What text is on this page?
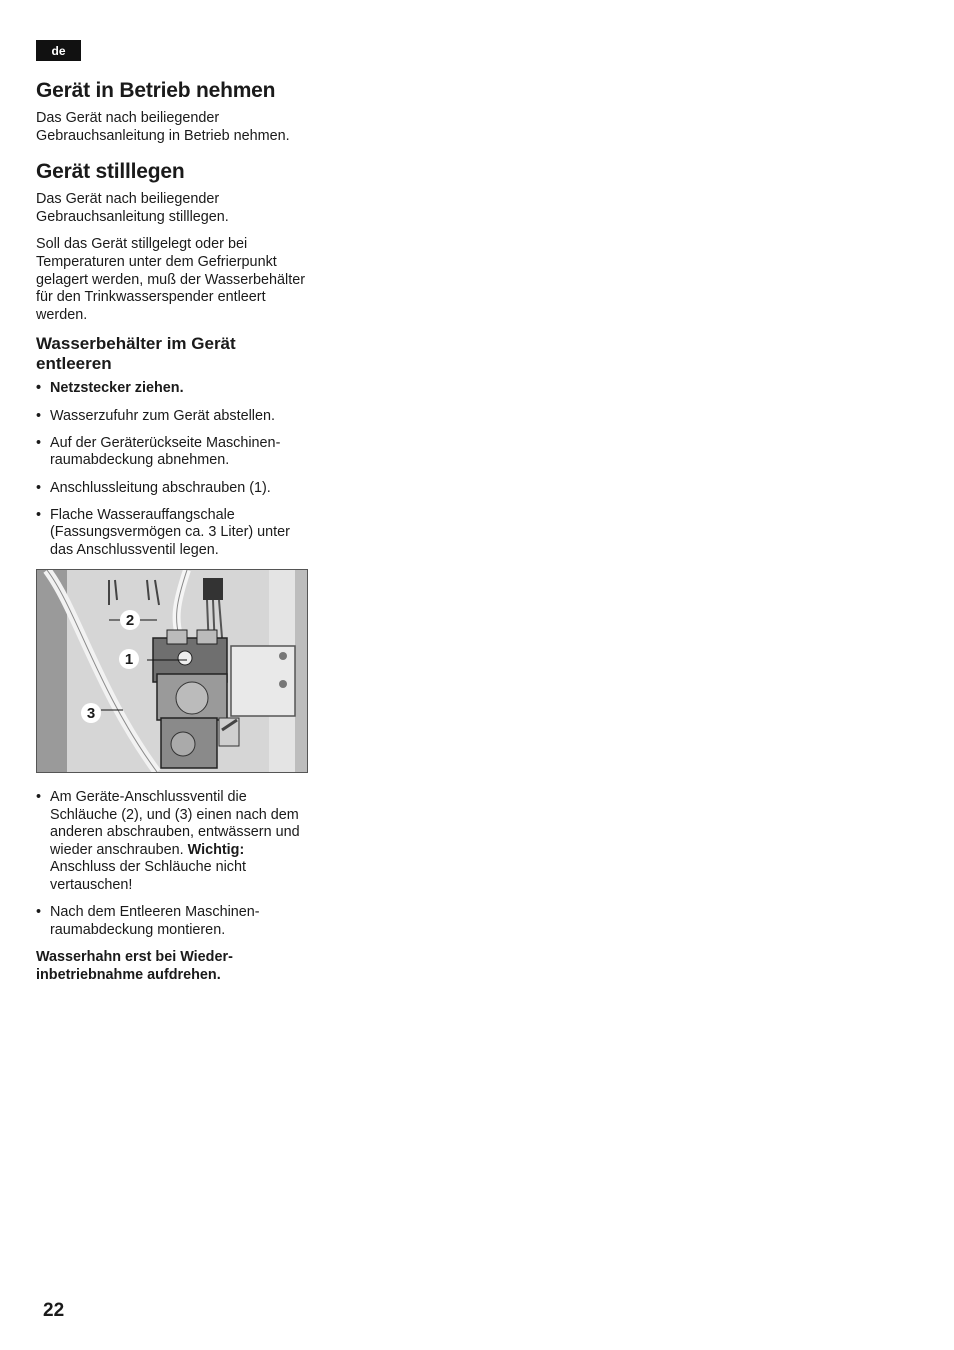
de
Gerät in Betrieb nehmen

Das Gerät nach beiliegender Gebrauchsanleitung in Betrieb nehmen.

Gerät stilllegen

Das Gerät nach beiliegender Gebrauchsanleitung stilllegen.

Soll das Gerät stillgelegt oder bei Temperaturen unter dem Gefrierpunkt gelagert werden, muß der Wasserbehälter für den Trinkwasserspender entleert werden.

Wasserbehälter im Gerät entleeren
• Netzstecker ziehen.
• Wasserzufuhr zum Gerät abstellen.
• Auf der Geräterückseite Maschinenraumabdeckung abnehmen.
• Anschlussleitung abschrauben (1).
• Flache Wasserauffangschale (Fassungsvermögen ca. 3 Liter) unter das Anschlussventil legen.
2
1
3
• Am Geräte-Anschlussventil die Schläuche (2), und (3) einen nach dem anderen abschrauben, entwässern und wieder anschrauben. Wichtig: Anschluss der Schläuche nicht vertauschen!
• Nach dem Entleeren Maschinenraumabdeckung montieren.

Wasserhahn erst bei Wiederinbetriebnahme aufdrehen.

22
